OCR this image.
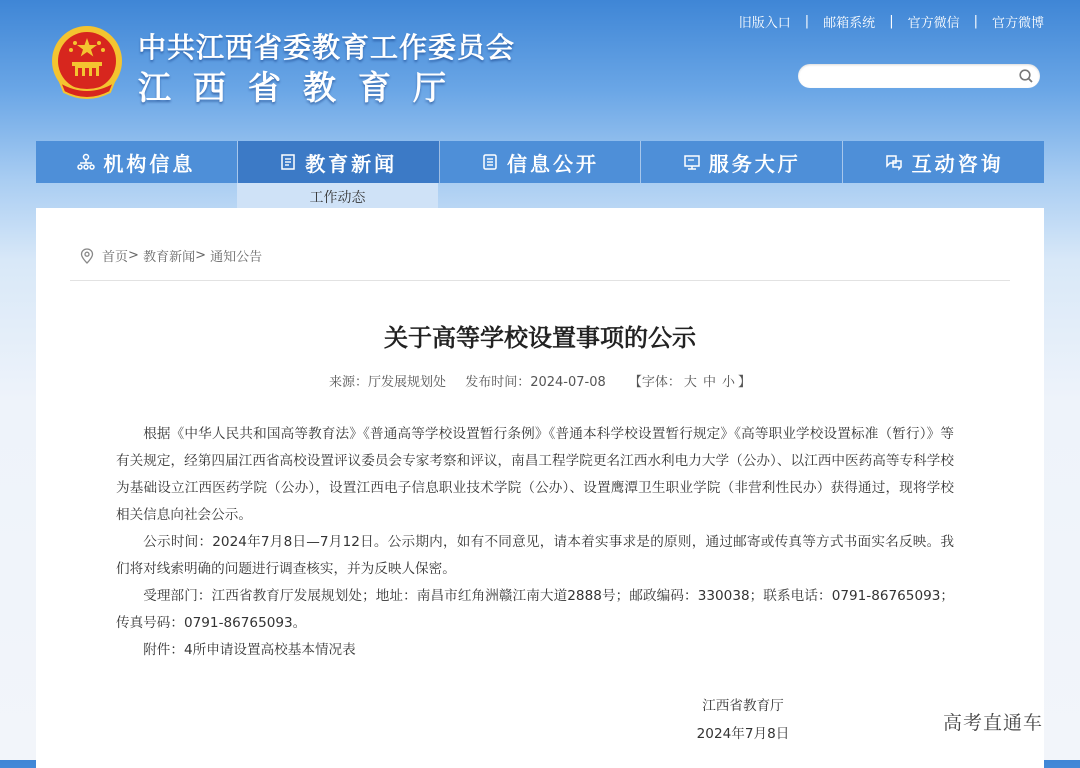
中共江西省委教育工作委员会
江西省教育厅
旧版入口 | 邮箱系统 | 官方微信 | 官方微博
机构信息	教育新闻	信息公开	服务大厅	互动咨询
工作动态
首页 >
教育新闻 >
通知公告
关于高等学校设置事项的公示
来源：厅发展规划处 发布时间：2024-07-08 【字体： 大 中 小 】

根据《中华人民共和国高等教育法》《普通高等学校设置暂行条例》《普通本科学校设置暂行规定》《高等职业学校设置标准（暂行）》等有关规定，经第四届江西省高校设置评议委员会专家考察和评议，南昌工程学院更名江西水利电力大学（公办）、以江西中医药高等专科学校为基础设立江西医药学院（公办），设置江西电子信息职业技术学院（公办）、设置鹰潭卫生职业学院（非营利性民办）获得通过，现将学校相关信息向社会公示。

公示时间：2024年7月8日—7月12日。公示期内，如有不同意见，请本着实事求是的原则，通过邮寄或传真等方式书面实名反映。我们将对线索明确的问题进行调查核实，并为反映人保密。

受理部门：江西省教育厅发展规划处；地址：南昌市红角洲赣江南大道2888号；邮政编码：330038；联系电话：0791-86765093；传真号码：0791-86765093。

附件：4所申请设置高校基本情况表

江西省教育厅
2024年7月8日	高考直通车
